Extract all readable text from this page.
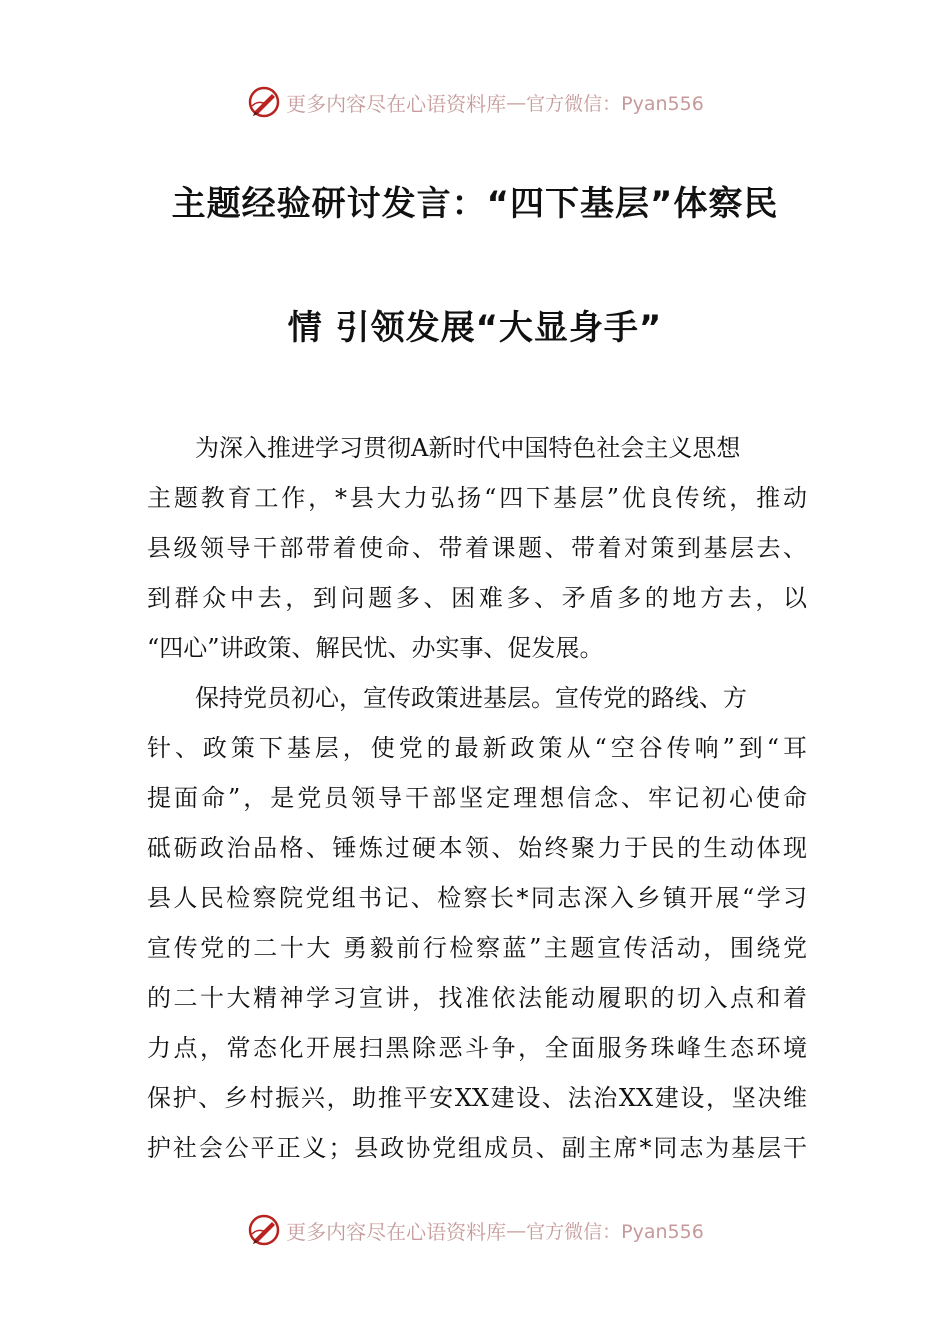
更多内容尽在心语资料库 — 官方微信：Pyan556
主题经验研讨发言：“四下基层”体察民
情 引领发展“大显身手”
　　为深入推进学习贯彻A新时代中国特色社会主义思想
主题教育工作，*县大力弘扬“四下基层”优良传统，推动
县级领导干部带着使命、带着课题、带着对策到基层去、
到群众中去，到问题多、困难多、矛盾多的地方去，以
“四心”讲政策、解民忧、办实事、促发展。
　　保持党员初心，宣传政策进基层。宣传党的路线、方
针、政策下基层，使党的最新政策从“空谷传响”到“耳
提面命”，是党员领导干部坚定理想信念、牢记初心使命
砥砺政治品格、锤炼过硬本领、始终聚力于民的生动体现
县人民检察院党组书记、检察长*同志深入乡镇开展“学习
宣传党的二十大 勇毅前行检察蓝”主题宣传活动，围绕党
的二十大精神学习宣讲，找准依法能动履职的切入点和着
力点，常态化开展扫黑除恶斗争，全面服务珠峰生态环境
保护、乡村振兴，助推平安XX建设、法治XX建设，坚决维
护社会公平正义；县政协党组成员、副主席*同志为基层干
更多内容尽在心语资料库 — 官方微信：Pyan556
